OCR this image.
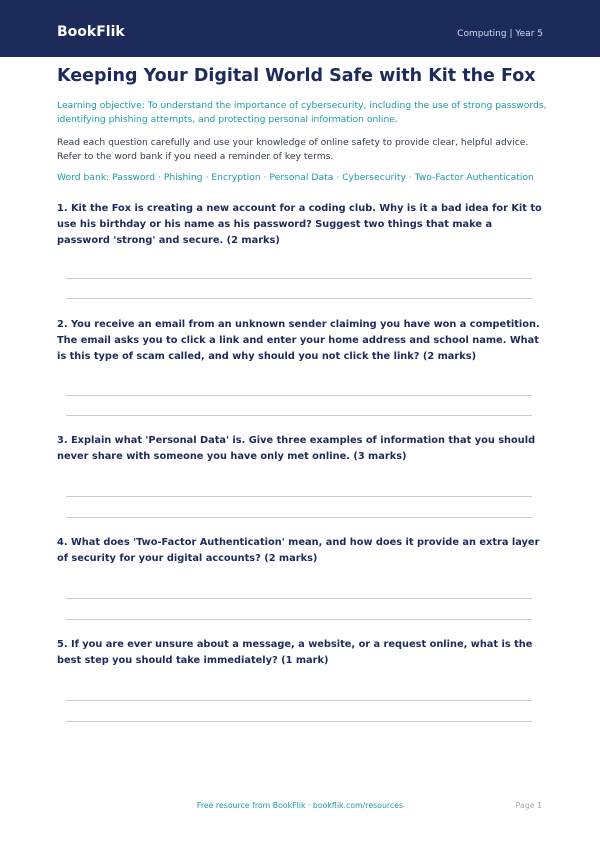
BookFlik	Computing | Year 5
Keeping Your Digital World Safe with Kit the Fox

Learning objective: To understand the importance of cybersecurity, including the use of strong passwords, identifying phishing attempts, and protecting personal information online.

Read each question carefully and use your knowledge of online safety to provide clear, helpful advice. Refer to the word bank if you need a reminder of key terms.

Word bank: Password · Phishing · Encryption · Personal Data · Cybersecurity · Two-Factor Authentication

1. Kit the Fox is creating a new account for a coding club. Why is it a bad idea for Kit to use his birthday or his name as his password? Suggest two things that make a password 'strong' and secure. (2 marks)

2. You receive an email from an unknown sender claiming you have won a competition. The email asks you to click a link and enter your home address and school name. What is this type of scam called, and why should you not click the link? (2 marks)

3. Explain what 'Personal Data' is. Give three examples of information that you should never share with someone you have only met online. (3 marks)

4. What does 'Two-Factor Authentication' mean, and how does it provide an extra layer of security for your digital accounts? (2 marks)

5. If you are ever unsure about a message, a website, or a request online, what is the best step you should take immediately? (1 mark)

Free resource from BookFlik · bookflik.com/resources	Page 1
